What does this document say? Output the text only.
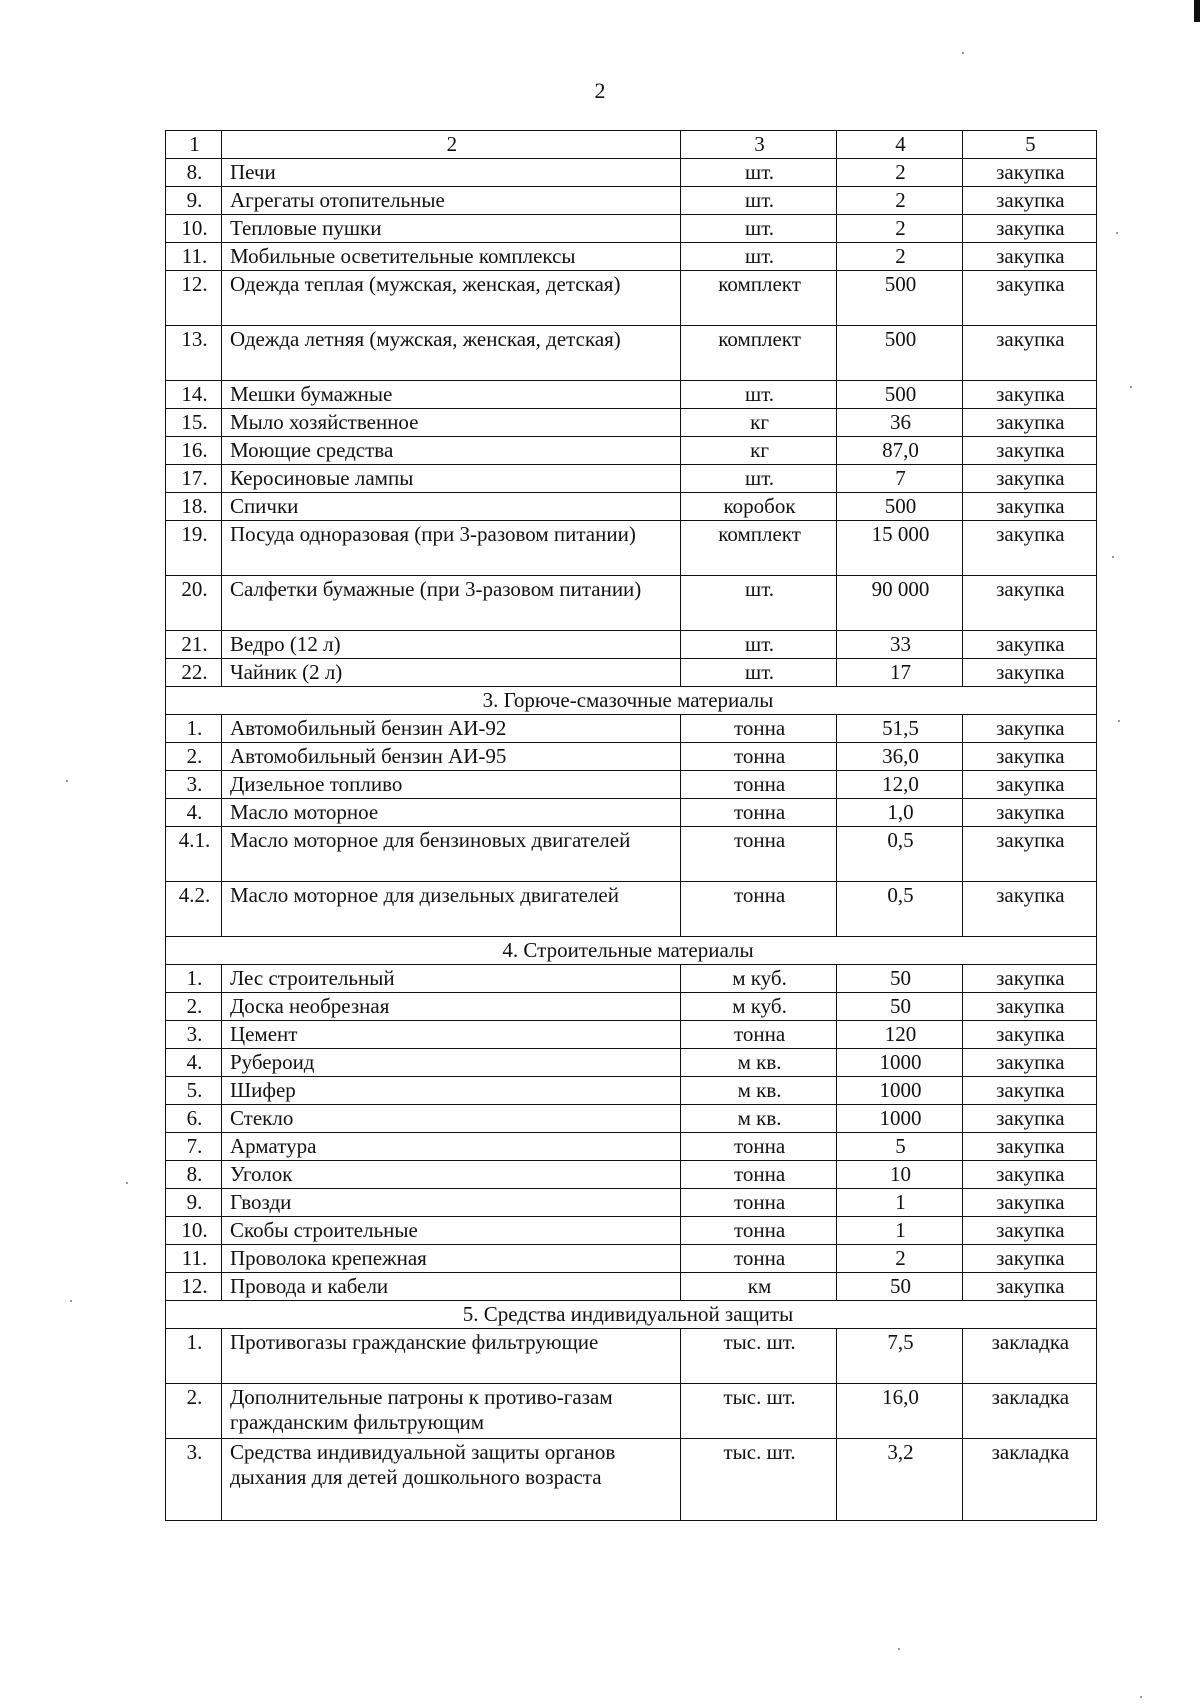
2
1	2	3	4	5
8.	Печи	шт.	2	закупка
9.	Агрегаты отопительные	шт.	2	закупка
10.	Тепловые пушки	шт.	2	закупка
11.	Мобильные осветительные комплексы	шт.	2	закупка
12.	Одежда теплая (мужская, женская, детская)	комплект	500	закупка
13.	Одежда летняя (мужская, женская, детская)	комплект	500	закупка
14.	Мешки бумажные	шт.	500	закупка
15.	Мыло хозяйственное	кг	36	закупка
16.	Моющие средства	кг	87,0	закупка
17.	Керосиновые лампы	шт.	7	закупка
18.	Спички	коробок	500	закупка
19.	Посуда одноразовая (при 3-разовом питании)	комплект	15 000	закупка
20.	Салфетки бумажные (при 3-разовом питании)	шт.	90 000	закупка
21.	Ведро (12 л)	шт.	33	закупка
22.	Чайник (2 л)	шт.	17	закупка
3. Горюче-смазочные материалы				
1.	Автомобильный бензин АИ-92	тонна	51,5	закупка
2.	Автомобильный бензин АИ-95	тонна	36,0	закупка
3.	Дизельное топливо	тонна	12,0	закупка
4.	Масло моторное	тонна	1,0	закупка
4.1.	Масло моторное для бензиновых двигателей	тонна	0,5	закупка
4.2.	Масло моторное для дизельных двигателей	тонна	0,5	закупка
4. Строительные материалы				
1.	Лес строительный	м куб.	50	закупка
2.	Доска необрезная	м куб.	50	закупка
3.	Цемент	тонна	120	закупка
4.	Рубероид	м кв.	1000	закупка
5.	Шифер	м кв.	1000	закупка
6.	Стекло	м кв.	1000	закупка
7.	Арматура	тонна	5	закупка
8.	Уголок	тонна	10	закупка
9.	Гвозди	тонна	1	закупка
10.	Скобы строительные	тонна	1	закупка
11.	Проволока крепежная	тонна	2	закупка
12.	Провода и кабели	км	50	закупка
5. Средства индивидуальной защиты				
1.	Противогазы гражданские фильтрующие	тыс. шт.	7,5	закладка
2.	Дополнительные патроны к противо-газам гражданским фильтрующим	тыс. шт.	16,0	закладка
3.	Средства индивидуальной защиты органов дыхания для детей дошкольного возраста	тыс. шт.	3,2	закладка
